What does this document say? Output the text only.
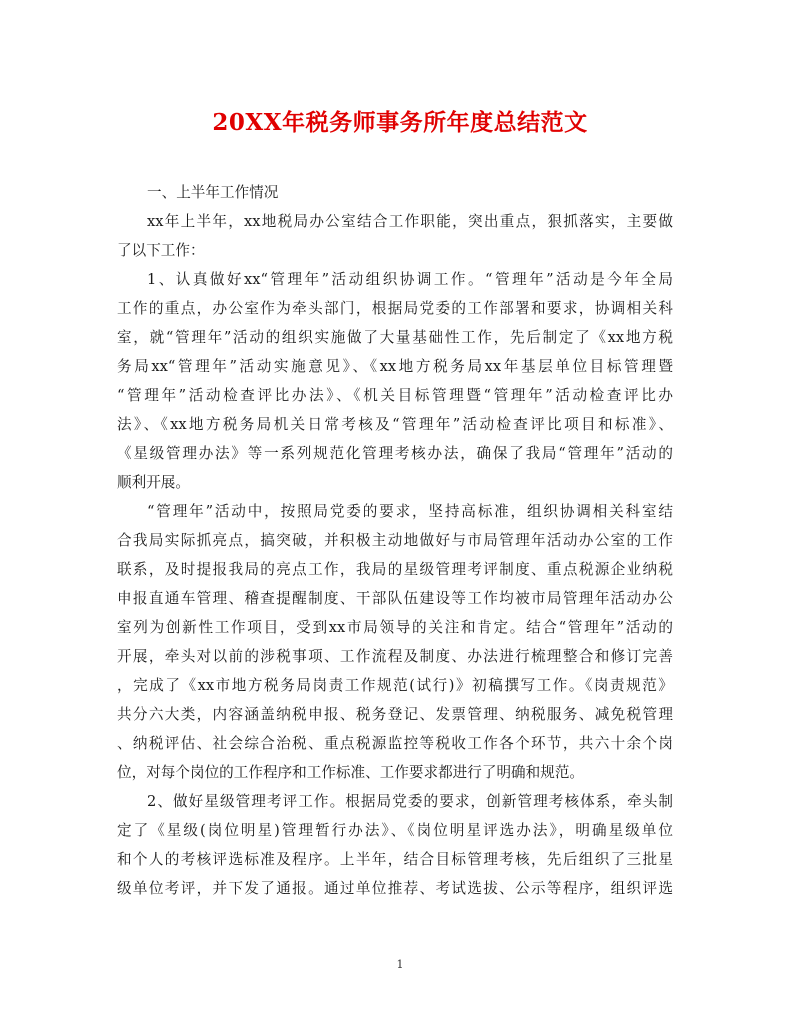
20XX年税务师事务所年度总结范文
一、上半年工作情况
xx年上半年，xx地税局办公室结合工作职能，突出重点，狠抓落实，主要做
了以下工作：
1、认真做好xx“管理年”活动组织协调工作。“管理年”活动是今年全局
工作的重点，办公室作为牵头部门，根据局党委的工作部署和要求，协调相关科
室，就“管理年”活动的组织实施做了大量基础性工作，先后制定了《xx地方税
务局xx“管理年”活动实施意见》、《xx地方税务局xx年基层单位目标管理暨
“管理年”活动检查评比办法》、《机关目标管理暨“管理年”活动检查评比办
法》、《xx地方税务局机关日常考核及“管理年”活动检查评比项目和标准》、
《星级管理办法》等一系列规范化管理考核办法，确保了我局“管理年”活动的
顺利开展。
“管理年”活动中，按照局党委的要求，坚持高标准，组织协调相关科室结
合我局实际抓亮点，搞突破，并积极主动地做好与市局管理年活动办公室的工作
联系，及时提报我局的亮点工作，我局的星级管理考评制度、重点税源企业纳税
申报直通车管理、稽查提醒制度、干部队伍建设等工作均被市局管理年活动办公
室列为创新性工作项目，受到xx市局领导的关注和肯定。结合“管理年”活动的
开展，牵头对以前的涉税事项、工作流程及制度、办法进行梳理整合和修订完善
，完成了《xx市地方税务局岗责工作规范(试行)》初稿撰写工作。《岗责规范》
共分六大类，内容涵盖纳税申报、税务登记、发票管理、纳税服务、减免税管理
、纳税评估、社会综合治税、重点税源监控等税收工作各个环节，共六十余个岗
位，对每个岗位的工作程序和工作标准、工作要求都进行了明确和规范。
2、做好星级管理考评工作。根据局党委的要求，创新管理考核体系，牵头制
定了《星级(岗位明星)管理暂行办法》、《岗位明星评选办法》，明确星级单位
和个人的考核评选标准及程序。上半年，结合目标管理考核，先后组织了三批星
级单位考评，并下发了通报。通过单位推荐、考试选拔、公示等程序，组织评选
1
